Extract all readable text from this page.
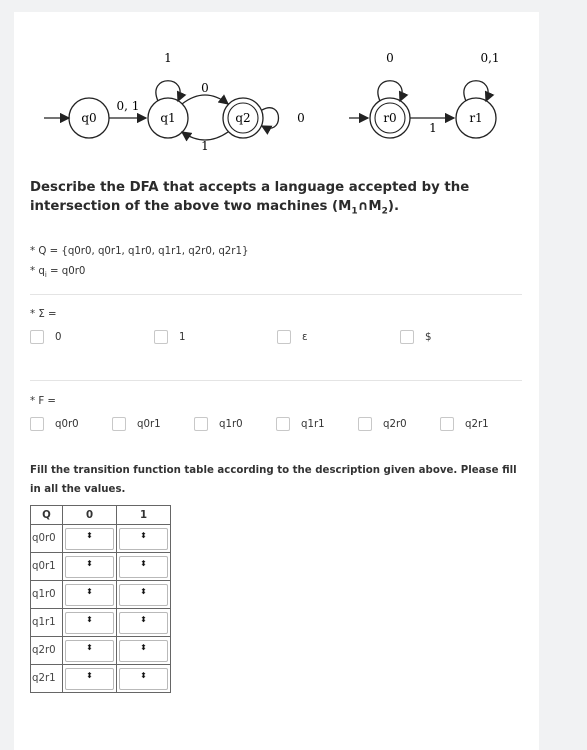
q0
0, 1
q1
1
0
1
q2	0	r0
0
1
r1
0,1

Describe the DFA that accepts a language accepted by the intersection of the above two machines $(M_1\cap M_2)$.

* Q = {q0r0, q0r1, q1r0, q1r1, q2r0, q2r1}
* $q_i = q0r0$
* Σ =
0	1	ε	$
* F =
q0r0	q0r1	q1r0	q1r1	q2r0	q2r1
Fill the transition function table according to the description given above. Please fill in all the values.
Q	0	1
q0r0	⬍	⬍

q0r1	⬍	⬍

q1r0	⬍	⬍

q1r1	⬍	⬍

q2r0	⬍	⬍

q2r1	⬍	⬍
